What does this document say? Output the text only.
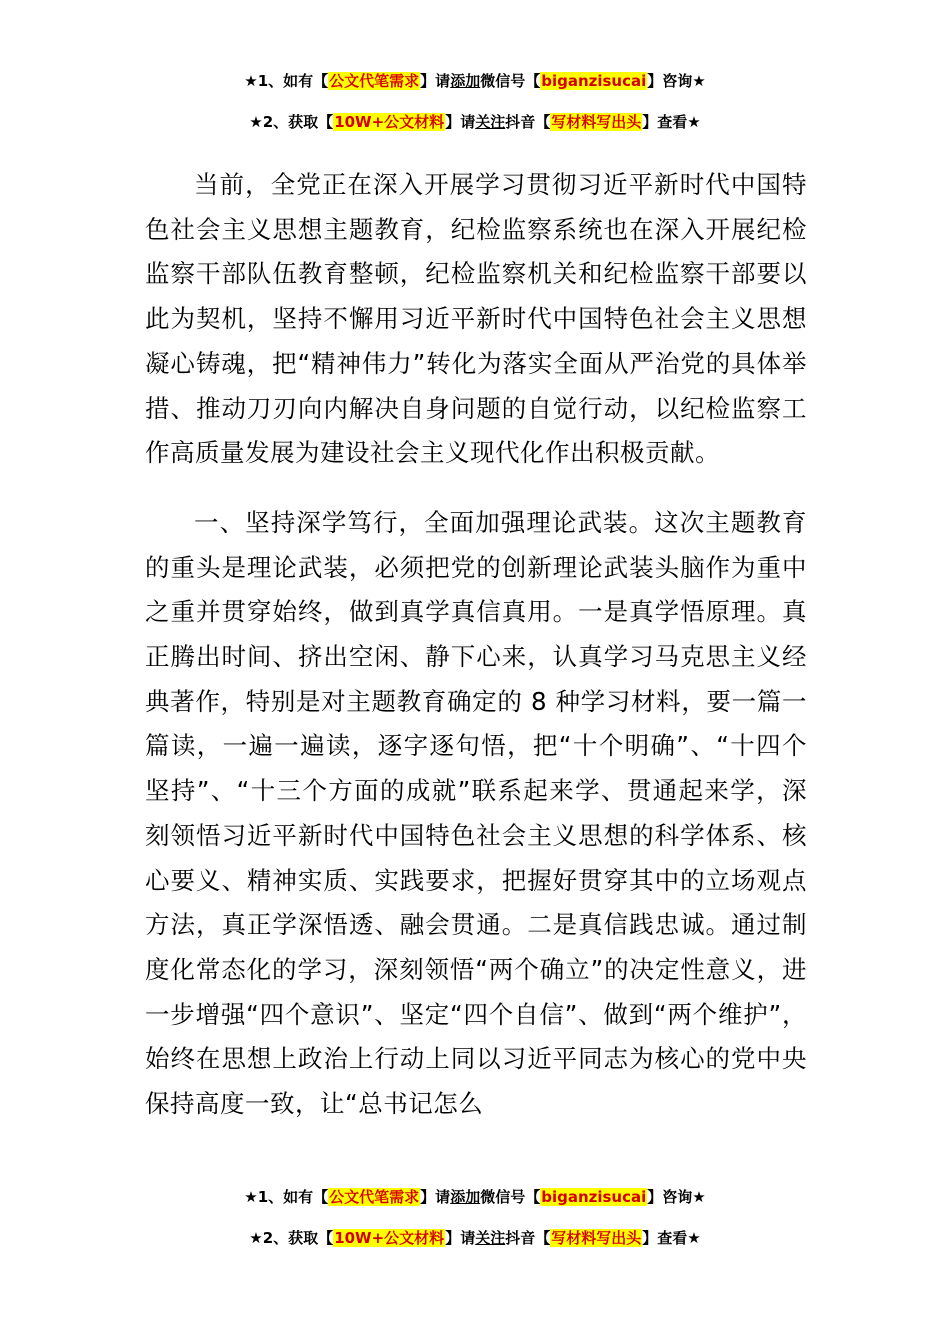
★1、如有【公文代笔需求】请添加微信号【biganzisucai】咨询★
★2、获取【10W+公文材料】请关注抖音【写材料写出头】查看★

当前，全党正在深入开展学习贯彻习近平新时代中国特色社会主义思想主题教育，纪检监察系统也在深入开展纪检监察干部队伍教育整顿，纪检监察机关和纪检监察干部要以此为契机，坚持不懈用习近平新时代中国特色社会主义思想凝心铸魂，把“精神伟力”转化为落实全面从严治党的具体举措、推动刀刃向内解决自身问题的自觉行动，以纪检监察工作高质量发展为建设社会主义现代化作出积极贡献。

一、坚持深学笃行，全面加强理论武装。这次主题教育的重头是理论武装，必须把党的创新理论武装头脑作为重中之重并贯穿始终，做到真学真信真用。一是真学悟原理。真正腾出时间、挤出空闲、静下心来，认真学习马克思主义经典著作，特别是对主题教育确定的 8 种学习材料，要一篇一篇读，一遍一遍读，逐字逐句悟，把“十个明确”、“十四个坚持”、“十三个方面的成就”联系起来学、贯通起来学，深刻领悟习近平新时代中国特色社会主义思想的科学体系、核心要义、精神实质、实践要求，把握好贯穿其中的立场观点方法，真正学深悟透、融会贯通。二是真信践忠诚。通过制度化常态化的学习，深刻领悟“两个确立”的决定性意义，进一步增强“四个意识”、坚定“四个自信”、做到“两个维护”，始终在思想上政治上行动上同以习近平同志为核心的党中央保持高度一致，让“总书记怎么

★1、如有【公文代笔需求】请添加微信号【biganzisucai】咨询★
★2、获取【10W+公文材料】请关注抖音【写材料写出头】查看★
